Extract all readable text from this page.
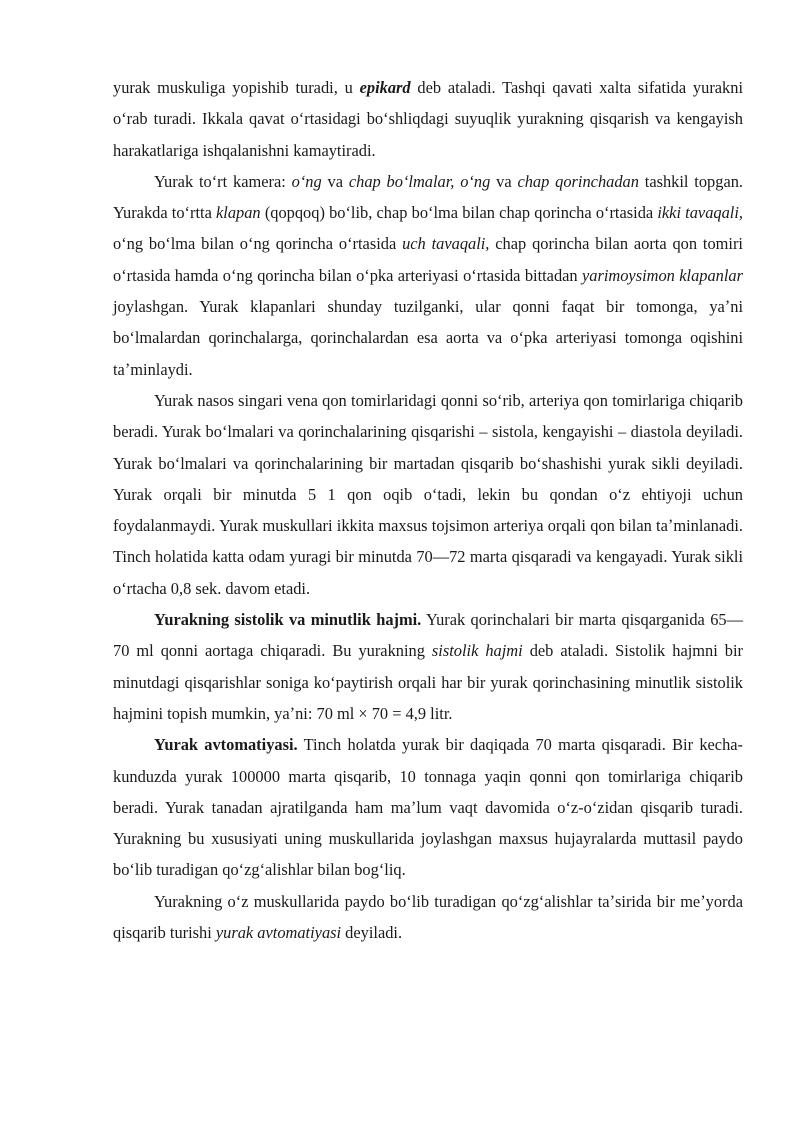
yurak muskuliga yopishib turadi, u epikard deb ataladi. Tashqi qavati xalta sifatida yurakni oʻrab turadi. Ikkala qavat oʻrtasidagi boʻshliqdagi suyuqlik yurakning qisqarish va kengayish harakatlariga ishqalanishni kamaytiradi.

Yurak toʻrt kamera: oʻng va chap boʻlmalar, oʻng va chap qorinchadan tashkil topgan. Yurakda toʻrtta klapan (qopqoq) boʻlib, chap boʻlma bilan chap qorincha oʻrtasida ikki tavaqali, oʻng boʻlma bilan oʻng qorincha oʻrtasida uch tavaqali, chap qorincha bilan aorta qon tomiri oʻrtasida hamda oʻng qorincha bilan oʻpka arteriyasi oʻrtasida bittadan yarimoysimon klapanlar joylashgan. Yurak klapanlari shunday tuzilganki, ular qonni faqat bir tomonga, yaʼni boʻlmalardan qorinchalarga, qorinchalardan esa aorta va oʻpka arteriyasi tomonga oqishini taʼminlaydi.

Yurak nasos singari vena qon tomirlaridagi qonni soʻrib, arteriya qon tomirlariga chiqarib beradi. Yurak boʻlmalari va qorinchalarining qisqarishi – sistola, kengayishi – diastola deyiladi. Yurak boʻlmalari va qorinchalarining bir martadan qisqarib boʻshashishi yurak sikli deyiladi. Yurak orqali bir minutda 5 1 qon oqib oʻtadi, lekin bu qondan oʻz ehtiyoji uchun foydalanmaydi. Yurak muskullari ikkita maxsus tojsimon arteriya orqali qon bilan taʼminlanadi. Tinch holatida katta odam yuragi bir minutda 70—72 marta qisqaradi va kengayadi. Yurak sikli oʻrtacha 0,8 sek. davom etadi.

Yurakning sistolik va minutlik hajmi. Yurak qorinchalari bir marta qisqarganida 65—70 ml qonni aortaga chiqaradi. Bu yurakning sistolik hajmi deb ataladi. Sistolik hajmni bir minutdagi qisqarishlar soniga koʻpaytirish orqali har bir yurak qorinchasining minutlik sistolik hajmini topish mumkin, yaʼni: 70 ml × 70 = 4,9 litr.

Yurak avtomatiyasi. Tinch holatda yurak bir daqiqada 70 marta qisqaradi. Bir kecha-kunduzda yurak 100000 marta qisqarib, 10 tonnaga yaqin qonni qon tomirlariga chiqarib beradi. Yurak tanadan ajratilganda ham maʼlum vaqt davomida oʻz-oʻzidan qisqarib turadi. Yurakning bu xususiyati uning muskullarida joylashgan maxsus hujayralarda muttasil paydo boʻlib turadigan qoʻzgʻalishlar bilan bogʻliq.

Yurakning oʻz muskullarida paydo boʻlib turadigan qoʻzgʻalishlar taʼsirida bir meʼyorda qisqarib turishi yurak avtomatiyasi deyiladi.
